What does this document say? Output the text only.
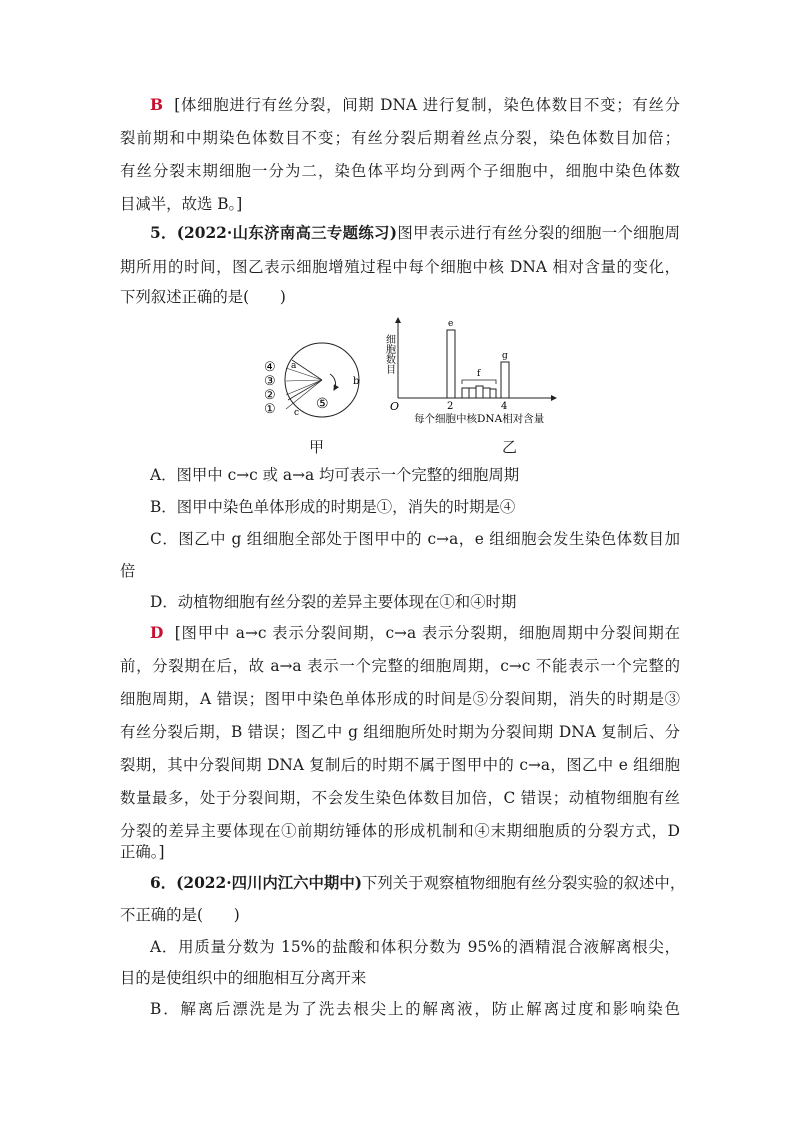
B [体细胞进行有丝分裂，间期 DNA 进行复制，染色体数目不变；有丝分
裂前期和中期染色体数目不变；有丝分裂后期着丝点分裂，染色体数目加倍；
有丝分裂末期细胞一分为二，染色体平均分到两个子细胞中，细胞中染色体数
目减半，故选 B。]
5．(2022·山东济南高三专题练习)图甲表示进行有丝分裂的细胞一个细胞周
期所用的时间，图乙表示细胞增殖过程中每个细胞中核 DNA 相对含量的变化，
下列叙述正确的是(　　)
④
③
②
①	⑤
a
b
c	O
细胞数目
e
f
g
2	4
每个细胞中核DNA相对含量
甲	乙
A．图甲中 c→c 或 a→a 均可表示一个完整的细胞周期
B．图甲中染色单体形成的时期是①，消失的时期是④
C．图乙中 g 组细胞全部处于图甲中的 c→a，e 组细胞会发生染色体数目加
倍
D．动植物细胞有丝分裂的差异主要体现在①和④时期
D [图甲中 a→c 表示分裂间期，c→a 表示分裂期，细胞周期中分裂间期在
前，分裂期在后，故 a→a 表示一个完整的细胞周期，c→c 不能表示一个完整的
细胞周期，A 错误；图甲中染色单体形成的时间是⑤分裂间期，消失的时期是③
有丝分裂后期，B 错误；图乙中 g 组细胞所处时期为分裂间期 DNA 复制后、分
裂期，其中分裂间期 DNA 复制后的时期不属于图甲中的 c→a，图乙中 e 组细胞
数量最多，处于分裂间期，不会发生染色体数目加倍，C 错误；动植物细胞有丝
分裂的差异主要体现在①前期纺锤体的形成机制和④末期细胞质的分裂方式，D
正确。]
6．(2022·四川内江六中期中)下列关于观察植物细胞有丝分裂实验的叙述中，
不正确的是(　　)
A．用质量分数为 15%的盐酸和体积分数为 95%的酒精混合液解离根尖，
目的是使组织中的细胞相互分离开来
B．解离后漂洗是为了洗去根尖上的解离液，防止解离过度和影响染色
